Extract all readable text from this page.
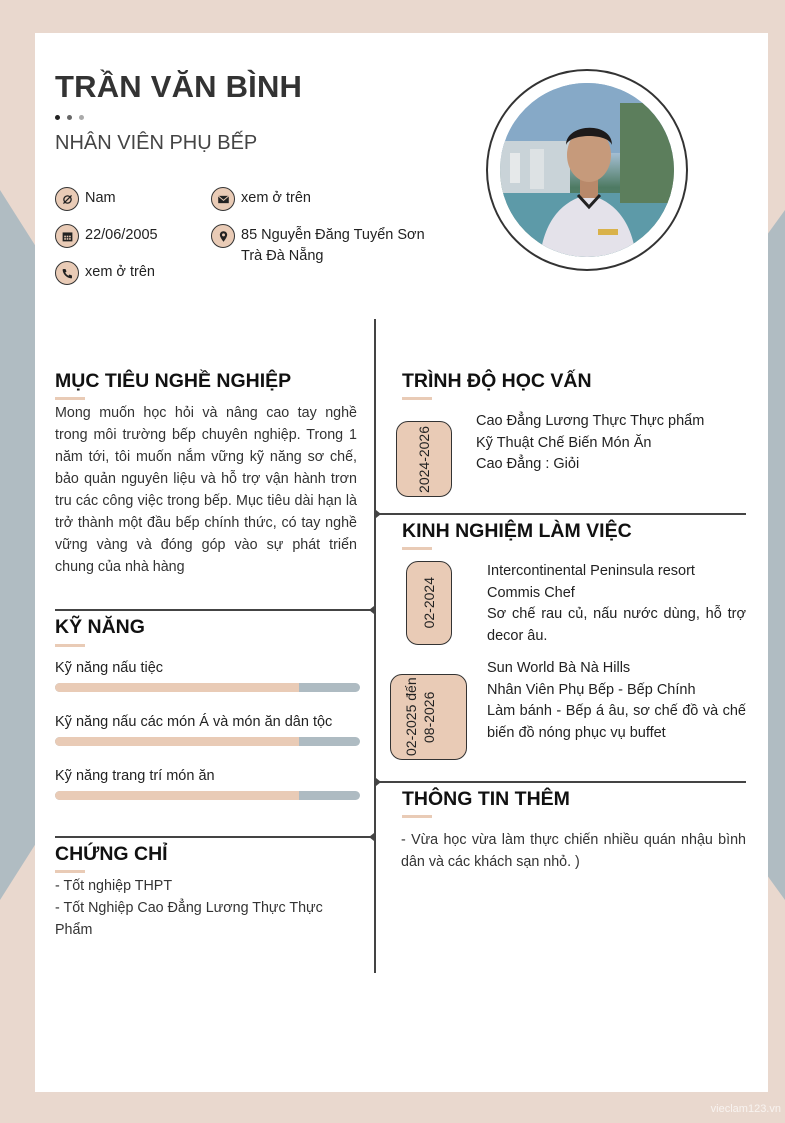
TRẦN VĂN BÌNH
NHÂN VIÊN PHỤ BẾP
Nam	xem ở trên
22/06/2005	85 Nguyễn Đăng Tuyển Sơn
Trà Đà Nẵng
xem ở trên
MỤC TIÊU NGHỀ NGHIỆP
Mong muốn học hỏi và nâng cao tay nghề trong môi trường bếp chuyên nghiệp. Trong 1 năm tới, tôi muốn nắm vững kỹ năng sơ chế, bảo quản nguyên liệu và hỗ trợ vận hành trơn tru các công việc trong bếp. Mục tiêu dài hạn là trở thành một đầu bếp chính thức, có tay nghề vững vàng và đóng góp vào sự phát triển chung của nhà hàng
KỸ NĂNG
Kỹ năng nấu tiệc
Kỹ năng nấu các món Á và món ăn dân tộc
Kỹ năng trang trí món ăn
CHỨNG CHỈ
- Tốt nghiệp THPT
- Tốt Nghiệp Cao Đẳng Lương Thực Thực Phẩm
TRÌNH ĐỘ HỌC VẤN
2024-2026
Cao Đẳng Lương Thực Thực phẩm
Kỹ Thuật Chế Biến Món Ăn
Cao Đẳng : Giỏi
KINH NGHIỆM LÀM VIỆC
02-2024
Intercontinental Peninsula resort
Commis Chef
Sơ chế rau củ, nấu nước dùng, hỗ trợ decor âu.
02-2025 đến 08-2026
Sun World Bà Nà Hills
Nhân Viên Phụ Bếp - Bếp Chính
Làm bánh - Bếp á âu, sơ chế đồ và chế biến đồ nóng phục vụ buffet
THÔNG TIN THÊM
- Vừa học vừa làm thực chiến nhiều quán nhậu bình dân và các khách sạn nhỏ. )
vieclam123.vn
